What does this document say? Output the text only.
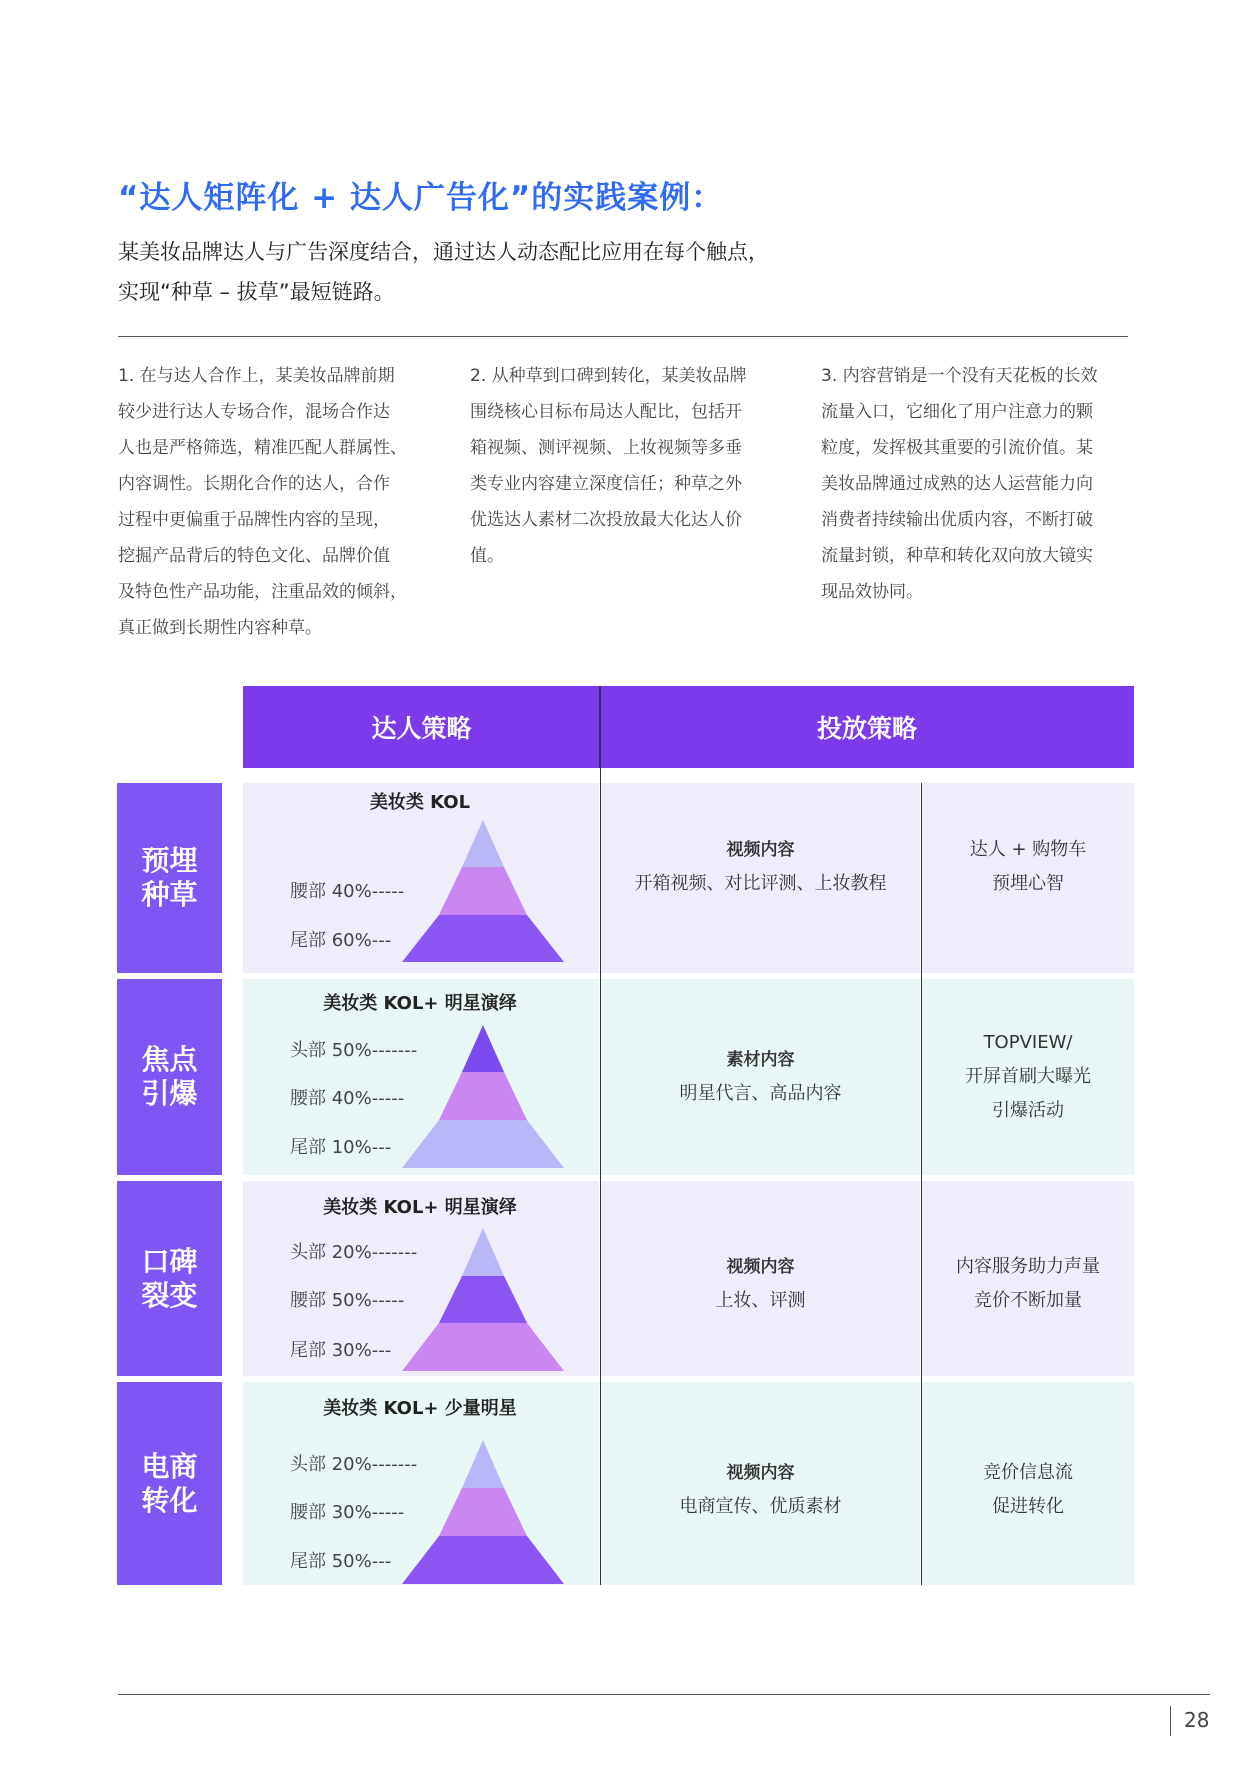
“达人矩阵化 + 达人广告化”的实践案例：
某美妆品牌达人与广告深度结合，通过达人动态配比应用在每个触点，
实现“种草 – 拔草”最短链路。

1. 在与达人合作上，某美妆品牌前期

较少进行达人专场合作，混场合作达

人也是严格筛选，精准匹配人群属性、

内容调性。长期化合作的达人，合作

过程中更偏重于品牌性内容的呈现，

挖掘产品背后的特色文化、品牌价值

及特色性产品功能，注重品效的倾斜，

真正做到长期性内容种草。

2. 从种草到口碑到转化，某美妆品牌

围绕核心目标布局达人配比，包括开

箱视频、测评视频、上妆视频等多垂

类专业内容建立深度信任；种草之外

优选达人素材二次投放最大化达人价

值。

3. 内容营销是一个没有天花板的长效

流量入口，它细化了用户注意力的颗

粒度，发挥极其重要的引流价值。某

美妆品牌通过成熟的达人运营能力向

消费者持续输出优质内容，不断打破

流量封锁，种草和转化双向放大镜实

现品效协同。

达人策略	投放策略
预埋
种草
焦点
引爆
口碑
裂变
电商
转化
美妆类 KOL
腰部 40%-----
尾部 60%---
视频内容
开箱视频、对比评测、上妆教程
达人 + 购物车
预埋心智
美妆类 KOL+ 明星演绎
头部 50%-------
腰部 40%-----
尾部 10%---
素材内容
明星代言、高品内容
TOPVIEW/
开屏首刷大曝光
引爆活动
美妆类 KOL+ 明星演绎
头部 20%-------
腰部 50%-----
尾部 30%---
视频内容
上妆、评测
内容服务助力声量
竞价不断加量
美妆类 KOL+ 少量明星
头部 20%-------
腰部 30%-----
尾部 50%---
视频内容
电商宣传、优质素材
竞价信息流
促进转化
28
